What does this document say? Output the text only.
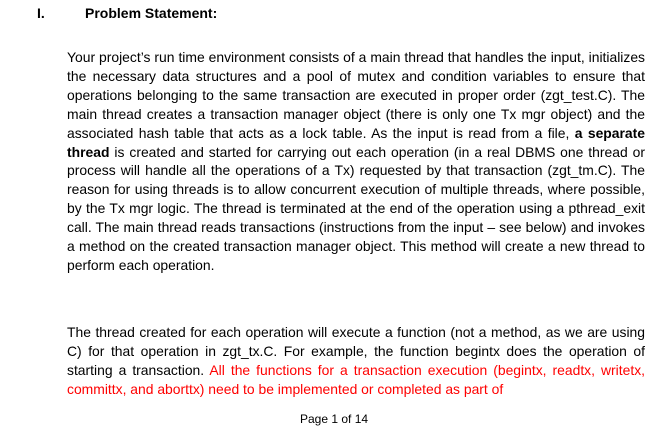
I.	Problem Statement:

Your project’s run time environment consists of a main thread that handles the input, initializes the necessary data structures and a pool of mutex and condition variables to ensure that operations belonging to the same transaction are executed in proper order (zgt_test.C). The main thread creates a transaction manager object (there is only one Tx mgr object) and the associated hash table that acts as a lock table. As the input is read from a file, a separate thread is created and started for carrying out each operation (in a real DBMS one thread or process will handle all the operations of a Tx) requested by that transaction (zgt_tm.C). The reason for using threads is to allow concurrent execution of multiple threads, where possible, by the Tx mgr logic. The thread is terminated at the end of the operation using a pthread_exit call. The main thread reads transactions (instructions from the input – see below) and invokes a method on the created transaction manager object. This method will create a new thread to perform each operation.

The thread created for each operation will execute a function (not a method, as we are using C) for that operation in zgt_tx.C. For example, the function begintx does the operation of starting a transaction. All the functions for a transaction execution (begintx, readtx, writetx, committx, and aborttx) need to be implemented or completed as part of

Page 1 of 14
